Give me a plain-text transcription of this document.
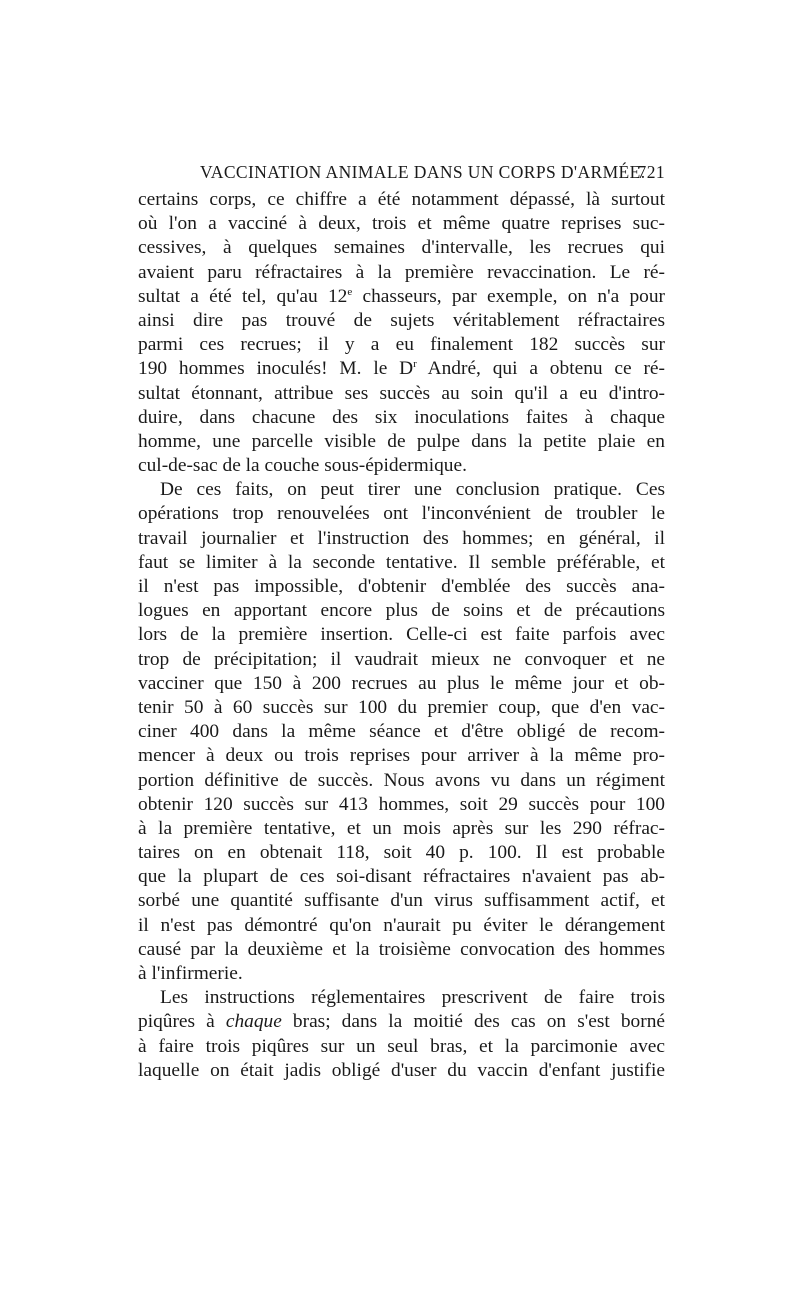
VACCINATION ANIMALE DANS UN CORPS D'ARMÉE.
721
certains corps, ce chiffre a été notamment dépassé, là surtout
où l'on a vacciné à deux, trois et même quatre reprises suc-
cessives, à quelques semaines d'intervalle, les recrues qui
avaient paru réfractaires à la première revaccination. Le ré-
sultat a été tel, qu'au 12e chasseurs, par exemple, on n'a pour
ainsi dire pas trouvé de sujets véritablement réfractaires
parmi ces recrues; il y a eu finalement 182 succès sur
190 hommes inoculés! M. le $D^r$ André, qui a obtenu ce ré-
sultat étonnant, attribue ses succès au soin qu'il a eu d'intro-
duire, dans chacune des six inoculations faites à chaque
homme, une parcelle visible de pulpe dans la petite plaie en
cul-de-sac de la couche sous-épidermique.
De ces faits, on peut tirer une conclusion pratique. Ces
opérations trop renouvelées ont l'inconvénient de troubler le
travail journalier et l'instruction des hommes; en général, il
faut se limiter à la seconde tentative. Il semble préférable, et
il n'est pas impossible, d'obtenir d'emblée des succès ana-
logues en apportant encore plus de soins et de précautions
lors de la première insertion. Celle-ci est faite parfois avec
trop de précipitation; il vaudrait mieux ne convoquer et ne
vacciner que 150 à 200 recrues au plus le même jour et ob-
tenir 50 à 60 succès sur 100 du premier coup, que d'en vac-
ciner 400 dans la même séance et d'être obligé de recom-
mencer à deux ou trois reprises pour arriver à la même pro-
portion définitive de succès. Nous avons vu dans un régiment
obtenir 120 succès sur 413 hommes, soit 29 succès pour 100
à la première tentative, et un mois après sur les 290 réfrac-
taires on en obtenait 118, soit 40 p. 100. Il est probable
que la plupart de ces soi-disant réfractaires n'avaient pas ab-
sorbé une quantité suffisante d'un virus suffisamment actif, et
il n'est pas démontré qu'on n'aurait pu éviter le dérangement
causé par la deuxième et la troisième convocation des hommes
à l'infirmerie.
Les instructions réglementaires prescrivent de faire trois
piqûres à chaque bras; dans la moitié des cas on s'est borné
à faire trois piqûres sur un seul bras, et la parcimonie avec
laquelle on était jadis obligé d'user du vaccin d'enfant justifie
